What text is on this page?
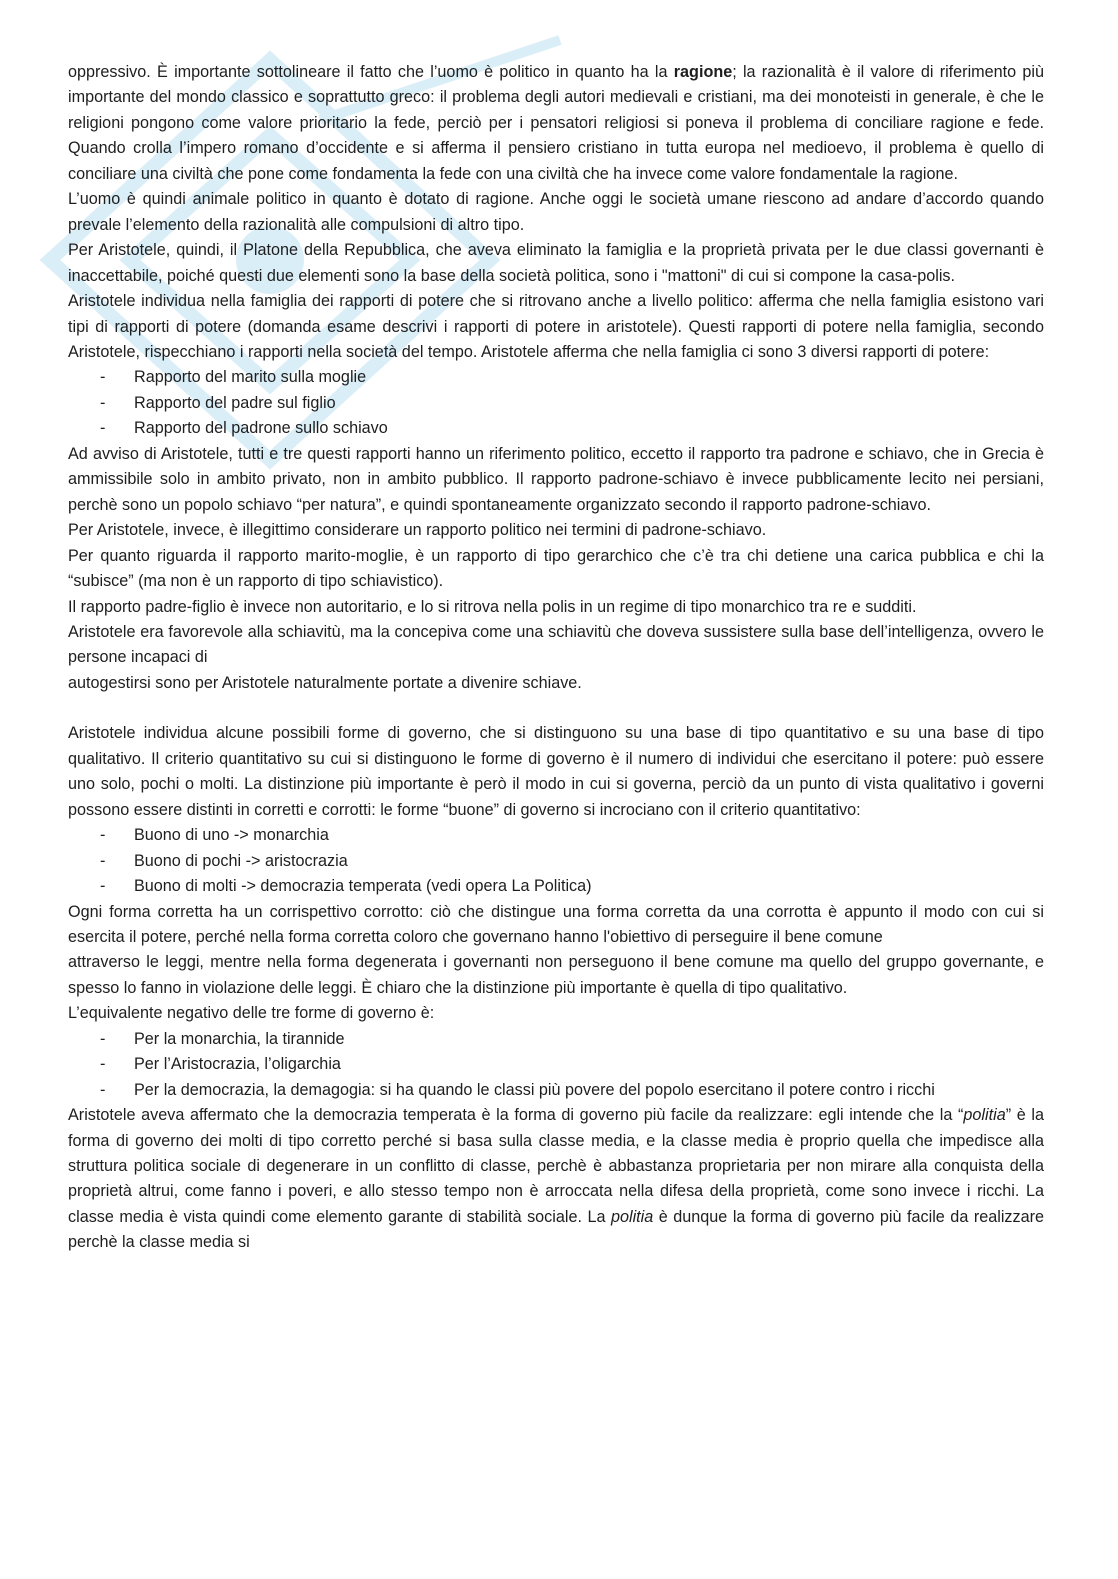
oppressivo. È importante sottolineare il fatto che l’uomo è politico in quanto ha la ragione; la razionalità è il valore di riferimento più importante del mondo classico e soprattutto greco: il problema degli autori medievali e cristiani, ma dei monoteisti in generale, è che le religioni pongono come valore prioritario la fede, perciò per i pensatori religiosi si poneva il problema di conciliare ragione e fede. Quando crolla l’impero romano d’occidente e si afferma il pensiero cristiano in tutta europa nel medioevo, il problema è quello di conciliare una civiltà che pone come fondamenta la fede con una civiltà che ha invece come valore fondamentale la ragione.

L’uomo è quindi animale politico in quanto è dotato di ragione. Anche oggi le società umane riescono ad andare d’accordo quando prevale l’elemento della razionalità alle compulsioni di altro tipo.

Per Aristotele, quindi, il Platone della Repubblica, che aveva eliminato la famiglia e la proprietà privata per le due classi governanti è inaccettabile, poiché questi due elementi sono la base della società politica, sono i "mattoni" di cui si compone la casa-polis.

Aristotele individua nella famiglia dei rapporti di potere che si ritrovano anche a livello politico: afferma che nella famiglia esistono vari tipi di rapporti di potere (domanda esame descrivi i rapporti di potere in aristotele). Questi rapporti di potere nella famiglia, secondo Aristotele, rispecchiano i rapporti nella società del tempo. Aristotele afferma che nella famiglia ci sono 3 diversi rapporti di potere:

- Rapporto del marito sulla moglie
- Rapporto del padre sul figlio
- Rapporto del padrone sullo schiavo

Ad avviso di Aristotele, tutti e tre questi rapporti hanno un riferimento politico, eccetto il rapporto tra padrone e schiavo, che in Grecia è ammissibile solo in ambito privato, non in ambito pubblico. Il rapporto padrone-schiavo è invece pubblicamente lecito nei persiani, perchè sono un popolo schiavo “per natura”, e quindi spontaneamente organizzato secondo il rapporto padrone-schiavo.

Per Aristotele, invece, è illegittimo considerare un rapporto politico nei termini di padrone-schiavo.

Per quanto riguarda il rapporto marito-moglie, è un rapporto di tipo gerarchico che c’è tra chi detiene una carica pubblica e chi la “subisce” (ma non è un rapporto di tipo schiavistico).

Il rapporto padre-figlio è invece non autoritario, e lo si ritrova nella polis in un regime di tipo monarchico tra re e sudditi.

Aristotele era favorevole alla schiavitù, ma la concepiva come una schiavitù che doveva sussistere sulla base dell’intelligenza, ovvero le persone incapaci di

autogestirsi sono per Aristotele naturalmente portate a divenire schiave.

Aristotele individua alcune possibili forme di governo, che si distinguono su una base di tipo quantitativo e su una base di tipo qualitativo. Il criterio quantitativo su cui si distinguono le forme di governo è il numero di individui che esercitano il potere: può essere uno solo, pochi o molti. La distinzione più importante è però il modo in cui si governa, perciò da un punto di vista qualitativo i governi possono essere distinti in corretti e corrotti: le forme “buone” di governo si incrociano con il criterio quantitativo:

- Buono di uno -> monarchia
- Buono di pochi -> aristocrazia
- Buono di molti -> democrazia temperata (vedi opera La Politica)

Ogni forma corretta ha un corrispettivo corrotto: ciò che distingue una forma corretta da una corrotta è appunto il modo con cui si esercita il potere, perché nella forma corretta coloro che governano hanno l'obiettivo di perseguire il bene comune

attraverso le leggi, mentre nella forma degenerata i governanti non perseguono il bene comune ma quello del gruppo governante, e spesso lo fanno in violazione delle leggi. È chiaro che la distinzione più importante è quella di tipo qualitativo.

L’equivalente negativo delle tre forme di governo è:

- Per la monarchia, la tirannide
- Per l’Aristocrazia, l’oligarchia
- Per la democrazia, la demagogia: si ha quando le classi più povere del popolo esercitano il potere contro i ricchi

Aristotele aveva affermato che la democrazia temperata è la forma di governo più facile da realizzare: egli intende che la “politia” è la forma di governo dei molti di tipo corretto perché si basa sulla classe media, e la classe media è proprio quella che impedisce alla struttura politica sociale di degenerare in un conflitto di classe, perchè è abbastanza proprietaria per non mirare alla conquista della proprietà altrui, come fanno i poveri, e allo stesso tempo non è arroccata nella difesa della proprietà, come sono invece i ricchi. La classe media è vista quindi come elemento garante di stabilità sociale. La politia è dunque la forma di governo più facile da realizzare perchè la classe media si
